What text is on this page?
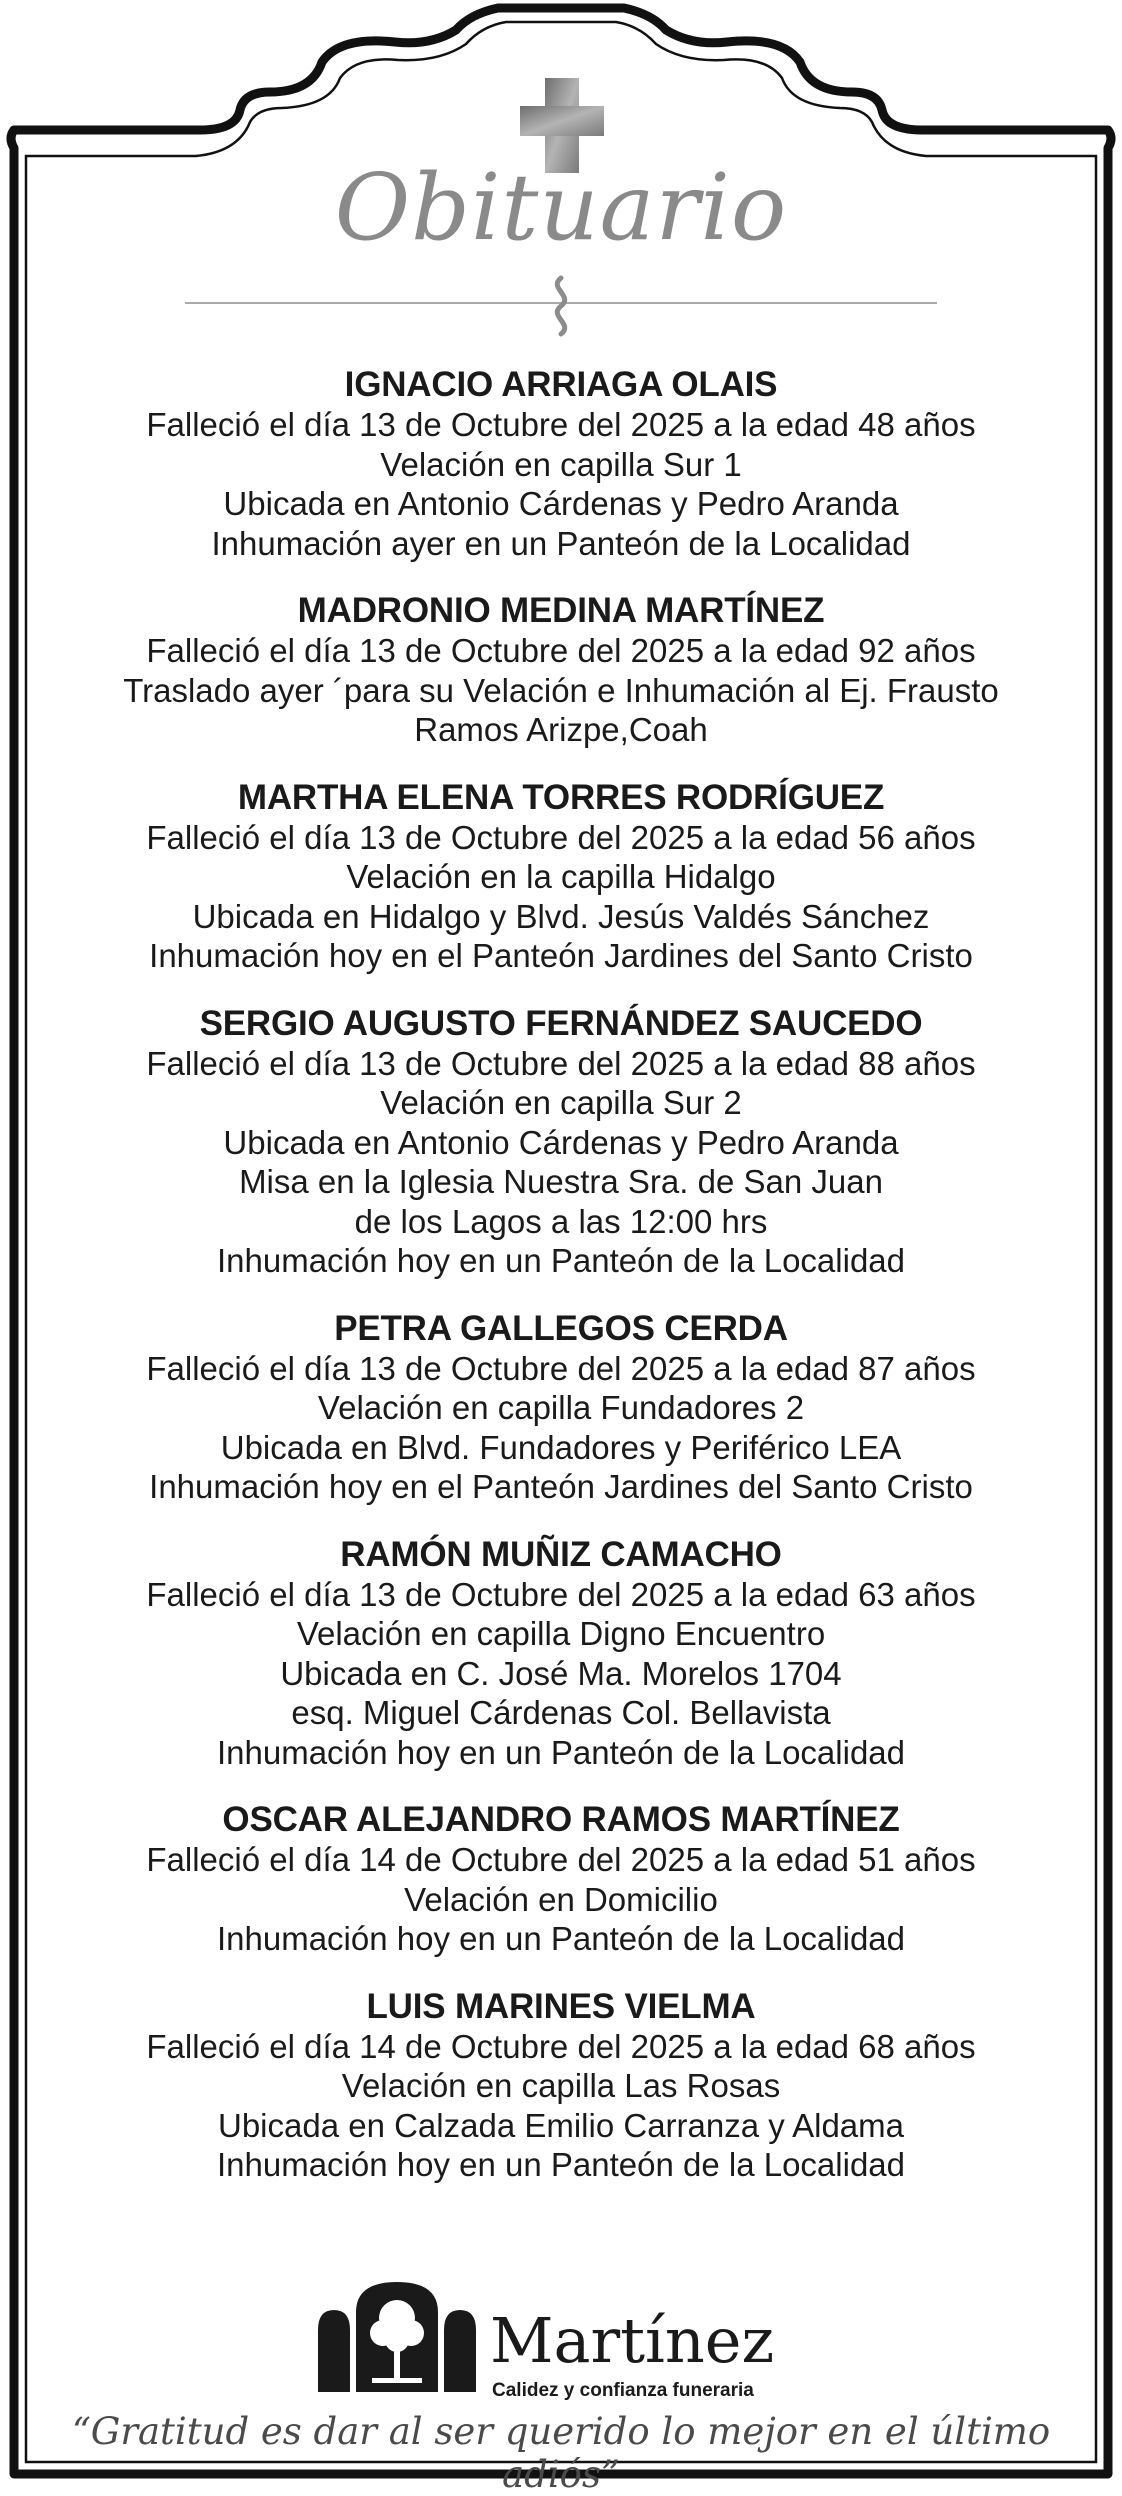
Obituario
IGNACIO ARRIAGA OLAIS
Falleció el día 13 de Octubre del 2025 a la edad 48 años
Velación en capilla Sur 1
Ubicada en Antonio Cárdenas y Pedro Aranda
Inhumación ayer en un Panteón de la Localidad
MADRONIO MEDINA MARTÍNEZ
Falleció el día 13 de Octubre del 2025 a la edad 92 años
Traslado ayer ´para su Velación e Inhumación al Ej. Frausto
Ramos Arizpe,Coah
MARTHA ELENA TORRES RODRÍGUEZ
Falleció el día 13 de Octubre del 2025 a la edad 56 años
Velación en la capilla Hidalgo
Ubicada en Hidalgo y Blvd. Jesús Valdés Sánchez
Inhumación hoy en el Panteón Jardines del Santo Cristo
SERGIO AUGUSTO FERNÁNDEZ SAUCEDO
Falleció el día 13 de Octubre del 2025 a la edad 88 años
Velación en capilla Sur 2
Ubicada en Antonio Cárdenas y Pedro Aranda
Misa en la Iglesia Nuestra Sra. de San Juan
de los Lagos a las 12:00 hrs
Inhumación hoy en un Panteón de la Localidad
PETRA GALLEGOS CERDA
Falleció el día 13 de Octubre del 2025 a la edad 87 años
Velación en capilla Fundadores 2
Ubicada en Blvd. Fundadores y Periférico LEA
Inhumación hoy en el Panteón Jardines del Santo Cristo
RAMÓN MUÑIZ CAMACHO
Falleció el día 13 de Octubre del 2025 a la edad 63 años
Velación en capilla Digno Encuentro
Ubicada en C. José Ma. Morelos 1704
esq. Miguel Cárdenas Col. Bellavista
Inhumación hoy en un Panteón de la Localidad
OSCAR ALEJANDRO RAMOS MARTÍNEZ
Falleció el día 14 de Octubre del 2025 a la edad 51 años
Velación en Domicilio
Inhumación hoy en un Panteón de la Localidad
LUIS MARINES VIELMA
Falleció el día 14 de Octubre del 2025 a la edad 68 años
Velación en capilla Las Rosas
Ubicada en Calzada Emilio Carranza y Aldama
Inhumación hoy en un Panteón de la Localidad
Martínez
Calidez y confianza funeraria
“Gratitud es dar al ser querido lo mejor en el último adiós”
